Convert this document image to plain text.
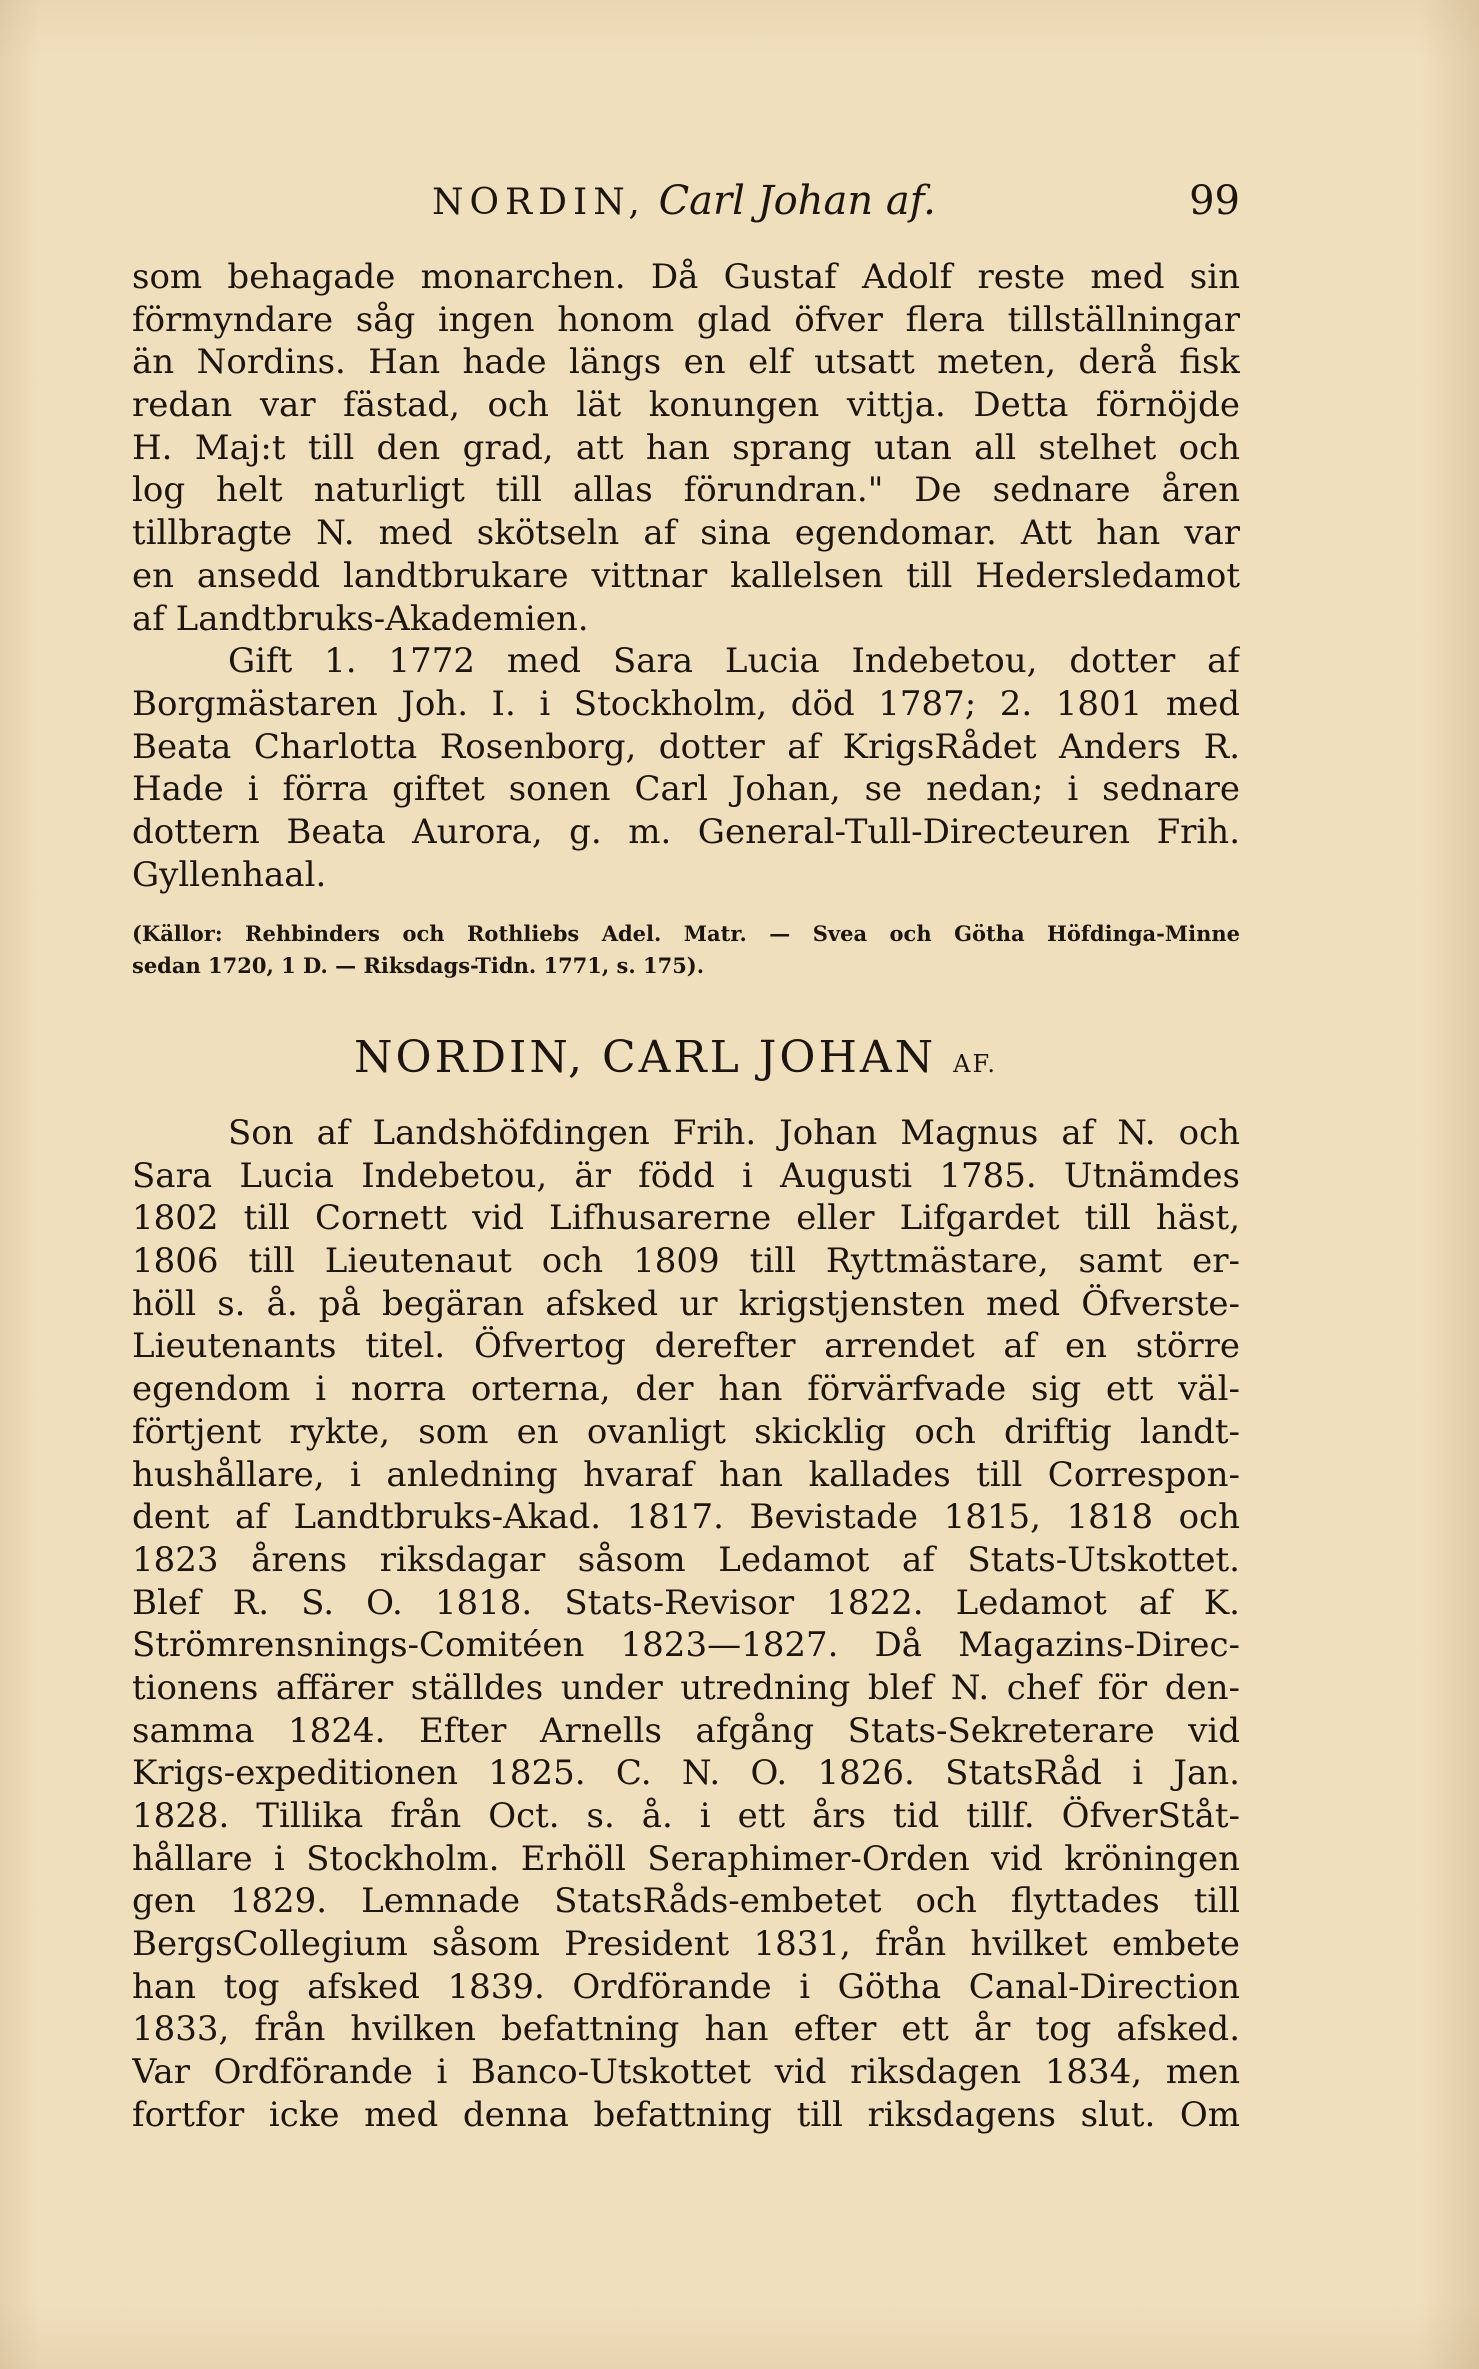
NORDIN, Carl Johan af.	99
som behagade monarchen. Då Gustaf Adolf reste med sin
förmyndare såg ingen honom glad öfver flera tillställningar
än Nordins. Han hade längs en elf utsatt meten, derå fisk
redan var fästad, och lät konungen vittja. Detta förnöjde
H. Maj:t till den grad, att han sprang utan all stelhet och
log helt naturligt till allas förundran." De sednare åren
tillbragte N. med skötseln af sina egendomar. Att han var
en ansedd landtbrukare vittnar kallelsen till Hedersledamot
af Landtbruks-Akademien.
Gift 1. 1772 med Sara Lucia Indebetou, dotter af
Borgmästaren Joh. I. i Stockholm, död 1787; 2. 1801 med
Beata Charlotta Rosenborg, dotter af KrigsRådet Anders R.
Hade i förra giftet sonen Carl Johan, se nedan; i sednare
dottern Beata Aurora, g. m. General-Tull-Directeuren Frih.
Gyllenhaal.
(Källor: Rehbinders och Rothliebs Adel. Matr. — Svea och Götha Höfdinga-Minne
sedan 1720, 1 D. — Riksdags-Tidn. 1771, s. 175).
NORDIN, CARL JOHAN AF.
Son af Landshöfdingen Frih. Johan Magnus af N. och
Sara Lucia Indebetou, är född i Augusti 1785. Utnämdes
1802 till Cornett vid Lifhusarerne eller Lifgardet till häst,
1806 till Lieutenaut och 1809 till Ryttmästare, samt er-
höll s. å. på begäran afsked ur krigstjensten med Öfverste-
Lieutenants titel. Öfvertog derefter arrendet af en större
egendom i norra orterna, der han förvärfvade sig ett väl-
förtjent rykte, som en ovanligt skicklig och driftig landt-
hushållare, i anledning hvaraf han kallades till Correspon-
dent af Landtbruks-Akad. 1817. Bevistade 1815, 1818 och
1823 årens riksdagar såsom Ledamot af Stats-Utskottet.
Blef R. S. O. 1818. Stats-Revisor 1822. Ledamot af K.
Strömrensnings-Comitéen 1823—1827. Då Magazins-Direc-
tionens affärer ställdes under utredning blef N. chef för den-
samma 1824. Efter Arnells afgång Stats-Sekreterare vid
Krigs-expeditionen 1825. C. N. O. 1826. StatsRåd i Jan.
1828. Tillika från Oct. s. å. i ett års tid tillf. ÖfverStåt-
hållare i Stockholm. Erhöll Seraphimer-Orden vid kröningen
gen 1829. Lemnade StatsRåds-embetet och flyttades till
BergsCollegium såsom President 1831, från hvilket embete
han tog afsked 1839. Ordförande i Götha Canal-Direction
1833, från hvilken befattning han efter ett år tog afsked.
Var Ordförande i Banco-Utskottet vid riksdagen 1834, men
fortfor icke med denna befattning till riksdagens slut. Om
